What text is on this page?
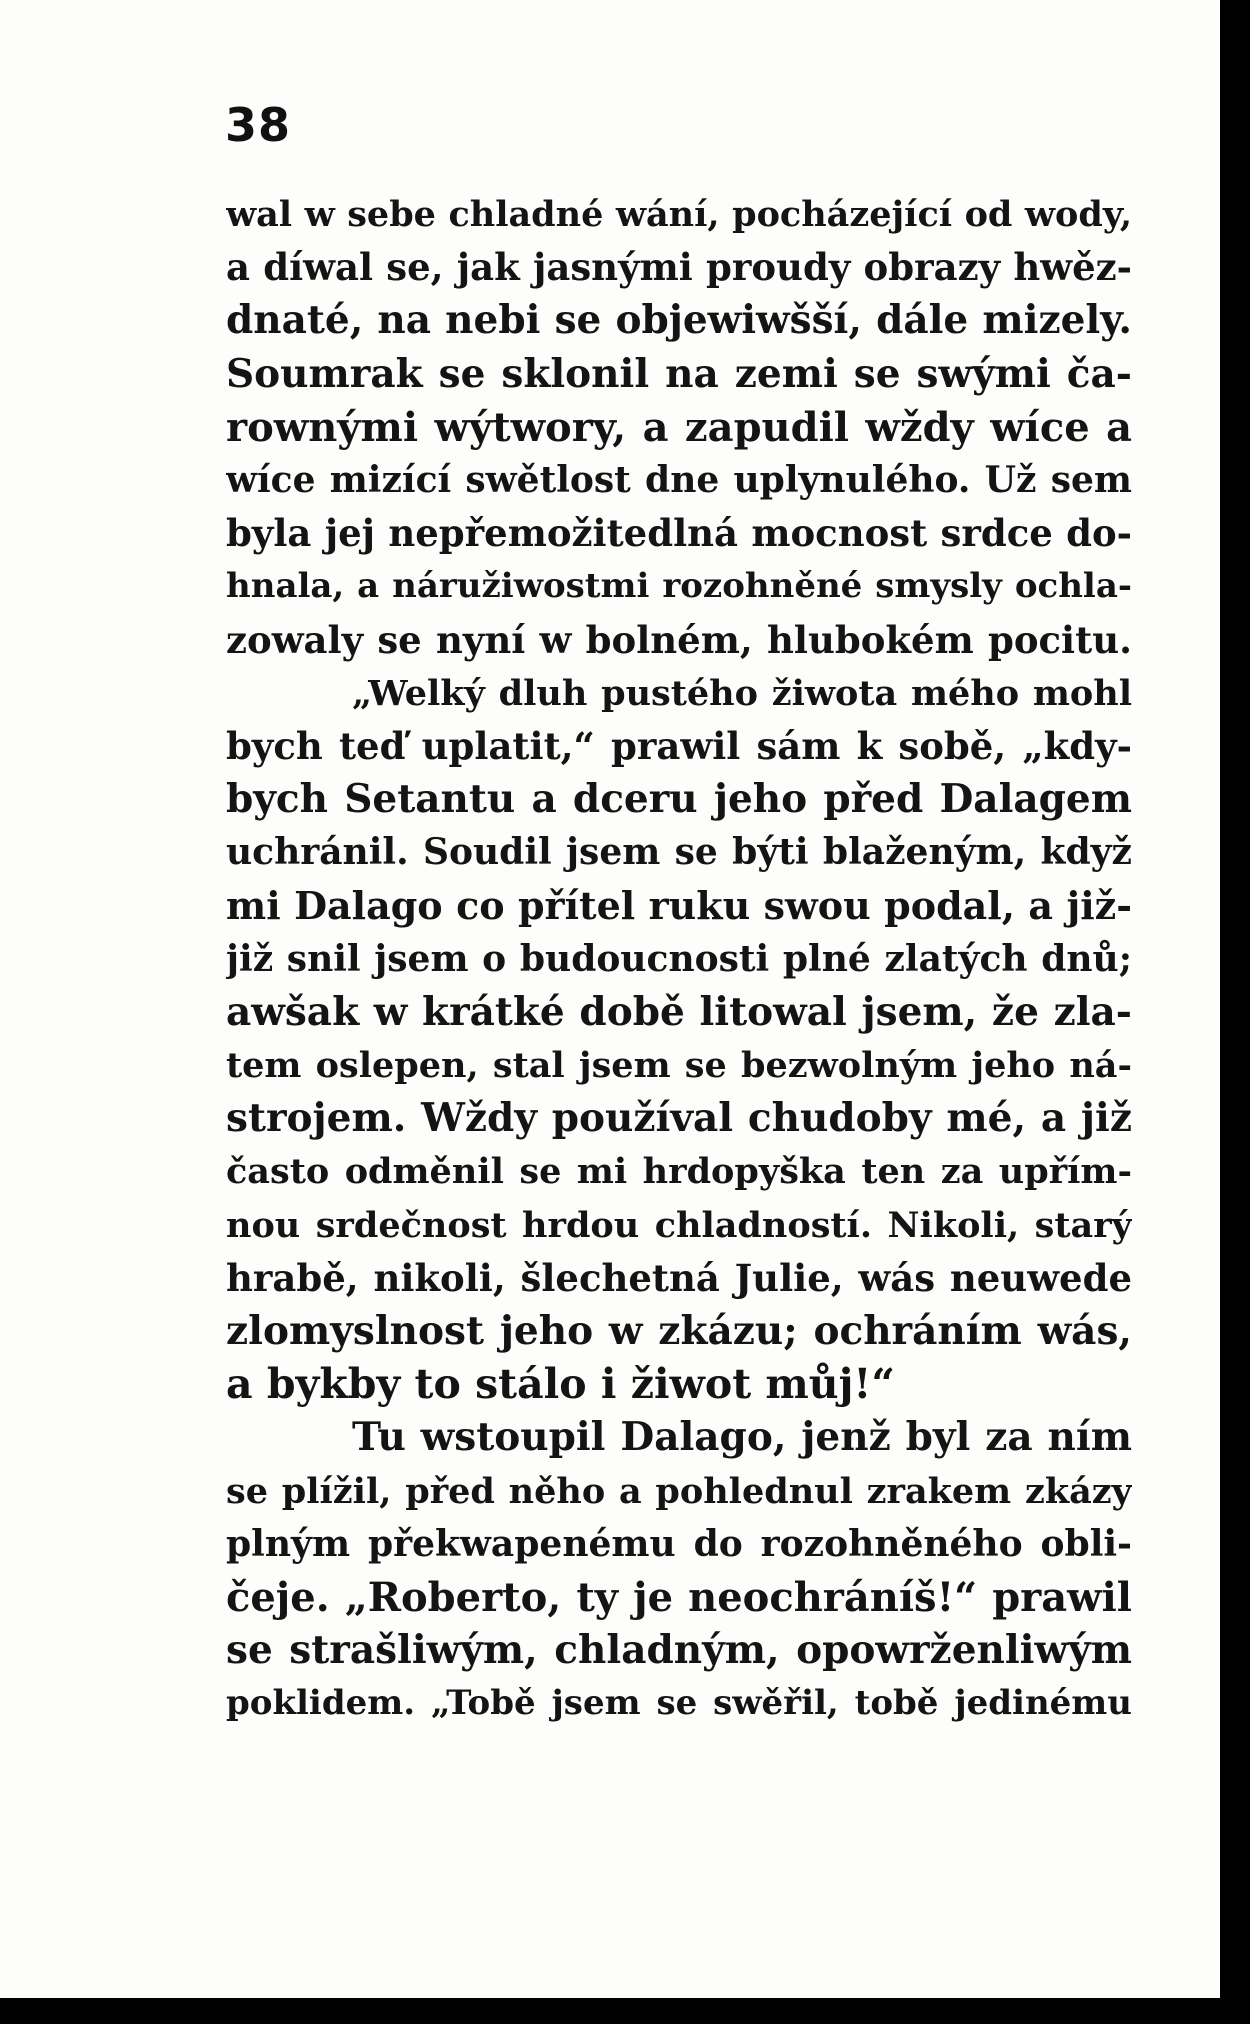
38
wal w sebe chladné wání, pocházející od wody,
a díwal se, jak jasnými proudy obrazy hwěz-
dnaté, na nebi se objewiwšší, dále mizely.
Soumrak se sklonil na zemi se swými ča-
rownými wýtwory, a zapudil wždy wíce a
wíce mizící swětlost dne uplynulého. Už sem
byla jej nepřemožitedlná mocnost srdce do-
hnala, a náružiwostmi rozohněné smysly ochla-
zowaly se nyní w bolném, hlubokém pocitu.
„Welký dluh pustého žiwota mého mohl
bych teď uplatit,“ prawil sám k sobě, „kdy-
bych Setantu a dceru jeho před Dalagem
uchránil. Soudil jsem se býti blaženým, když
mi Dalago co přítel ruku swou podal, a již-
již snil jsem o budoucnosti plné zlatých dnů;
awšak w krátké době litowal jsem, že zla-
tem oslepen, stal jsem se bezwolným jeho ná-
strojem. Wždy používal chudoby mé, a již
často odměnil se mi hrdopyška ten za upřím-
nou srdečnost hrdou chladností. Nikoli, starý
hrabě, nikoli, šlechetná Julie, wás neuwede
zlomyslnost jeho w zkázu; ochráním wás,
a bykby to stálo i žiwot můj!“
Tu wstoupil Dalago, jenž byl za ním
se plížil, před něho a pohlednul zrakem zkázy
plným překwapenému do rozohněného obli-
čeje. „Roberto, ty je neochráníš!“ prawil
se strašliwým, chladným, opowrženliwým
poklidem. „Tobě jsem se swěřil, tobě jedinému
